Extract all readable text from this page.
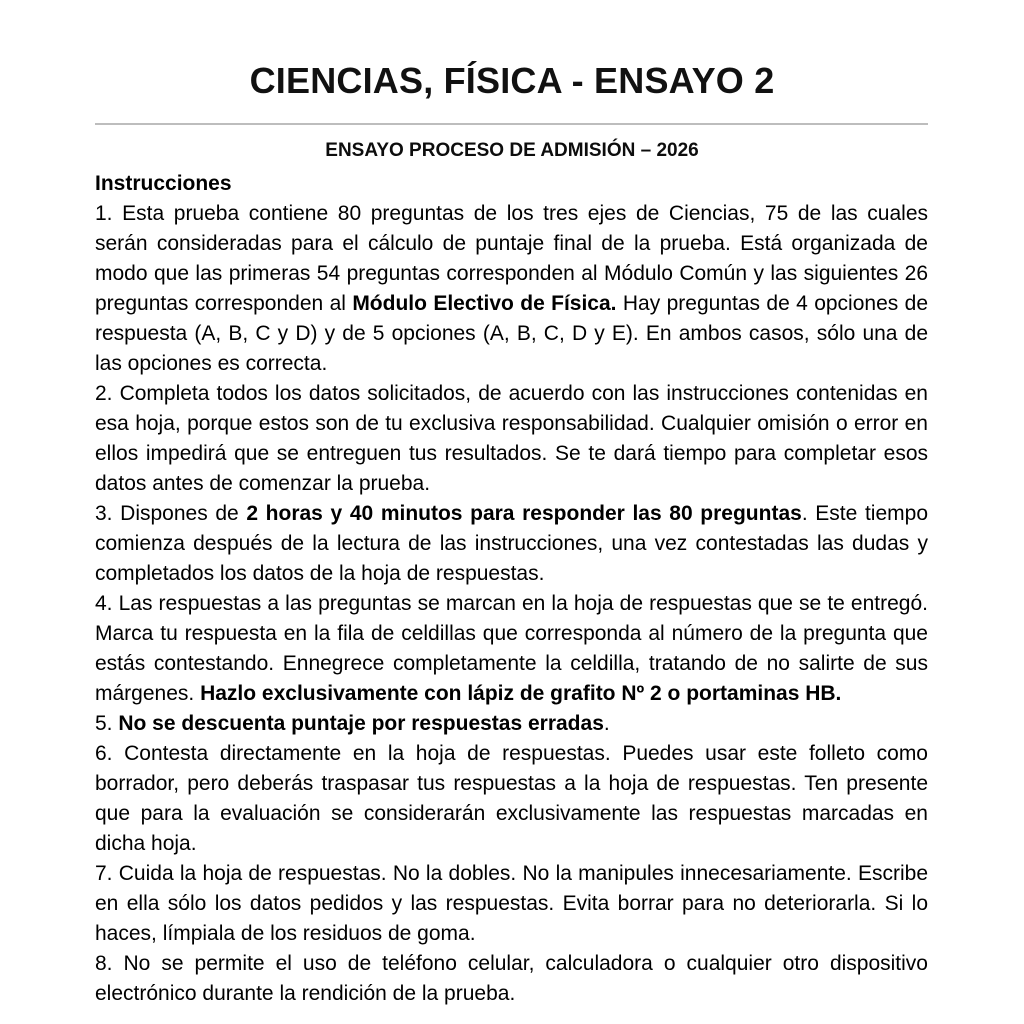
CIENCIAS, FÍSICA - ENSAYO 2
ENSAYO PROCESO DE ADMISIÓN – 2026
Instrucciones

1. Esta prueba contiene 80 preguntas de los tres ejes de Ciencias, 75 de las cuales serán consideradas para el cálculo de puntaje final de la prueba. Está organizada de modo que las primeras 54 preguntas corresponden al Módulo Común y las siguientes 26 preguntas corresponden al Módulo Electivo de Física. Hay preguntas de 4 opciones de respuesta (A, B, C y D) y de 5 opciones (A, B, C, D y E). En ambos casos, sólo una de las opciones es correcta.

2. Completa todos los datos solicitados, de acuerdo con las instrucciones contenidas en esa hoja, porque estos son de tu exclusiva responsabilidad. Cualquier omisión o error en ellos impedirá que se entreguen tus resultados. Se te dará tiempo para completar esos datos antes de comenzar la prueba.

3. Dispones de 2 horas y 40 minutos para responder las 80 preguntas. Este tiempo comienza después de la lectura de las instrucciones, una vez contestadas las dudas y completados los datos de la hoja de respuestas.

4. Las respuestas a las preguntas se marcan en la hoja de respuestas que se te entregó. Marca tu respuesta en la fila de celdillas que corresponda al número de la pregunta que estás contestando. Ennegrece completamente la celdilla, tratando de no salirte de sus márgenes. Hazlo exclusivamente con lápiz de grafito Nº 2 o portaminas HB.

5. No se descuenta puntaje por respuestas erradas.

6. Contesta directamente en la hoja de respuestas. Puedes usar este folleto como borrador, pero deberás traspasar tus respuestas a la hoja de respuestas. Ten presente que para la evaluación se considerarán exclusivamente las respuestas marcadas en dicha hoja.

7. Cuida la hoja de respuestas. No la dobles. No la manipules innecesariamente. Escribe en ella sólo los datos pedidos y las respuestas. Evita borrar para no deteriorarla. Si lo haces, límpiala de los residuos de goma.

8. No se permite el uso de teléfono celular, calculadora o cualquier otro dispositivo electrónico durante la rendición de la prueba.
